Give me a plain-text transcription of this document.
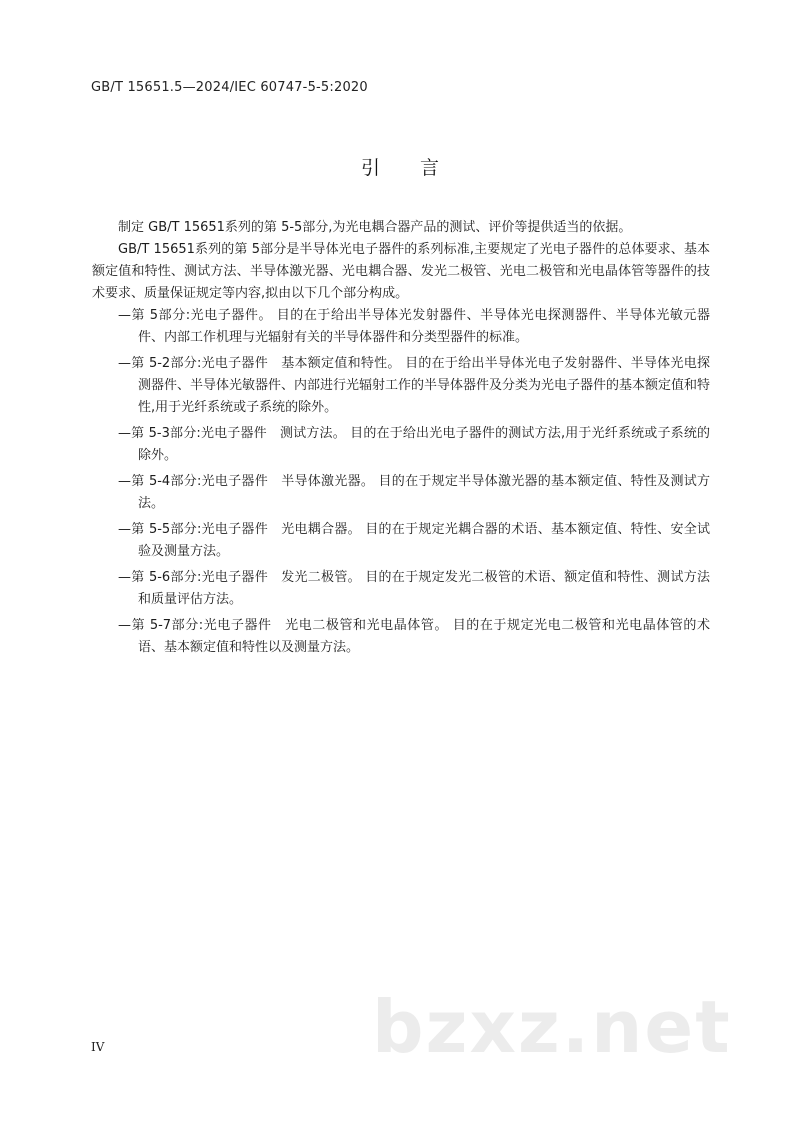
GB/T 15651.5—2024/IEC 60747-5-5:2020
引言

制定 GB/T 15651系列的第 5-5部分,为光电耦合器产品的测试、评价等提供适当的依据。

GB/T 15651系列的第 5部分是半导体光电子器件的系列标准,主要规定了光电子器件的总体要求、基本额定值和特性、测试方法、半导体激光器、光电耦合器、发光二极管、光电二极管和光电晶体管等器件的技术要求、质量保证规定等内容,拟由以下几个部分构成。

—第 5部分:光电子器件。 目的在于给出半导体光发射器件、半导体光电探测器件、半导体光敏元器件、内部工作机理与光辐射有关的半导体器件和分类型器件的标准。

—第 5-2部分:光电子器件　基本额定值和特性。 目的在于给出半导体光电子发射器件、半导体光电探测器件、半导体光敏器件、内部进行光辐射工作的半导体器件及分类为光电子器件的基本额定值和特性,用于光纤系统或子系统的除外。

—第 5-3部分:光电子器件　测试方法。 目的在于给出光电子器件的测试方法,用于光纤系统或子系统的除外。

—第 5-4部分:光电子器件　半导体激光器。 目的在于规定半导体激光器的基本额定值、特性及测试方法。

—第 5-5部分:光电子器件　光电耦合器。 目的在于规定光耦合器的术语、基本额定值、特性、安全试验及测量方法。

—第 5-6部分:光电子器件　发光二极管。 目的在于规定发光二极管的术语、额定值和特性、测试方法和质量评估方法。

—第 5-7部分:光电子器件　光电二极管和光电晶体管。 目的在于规定光电二极管和光电晶体管的术语、基本额定值和特性以及测量方法。

bzxz.net
IV
